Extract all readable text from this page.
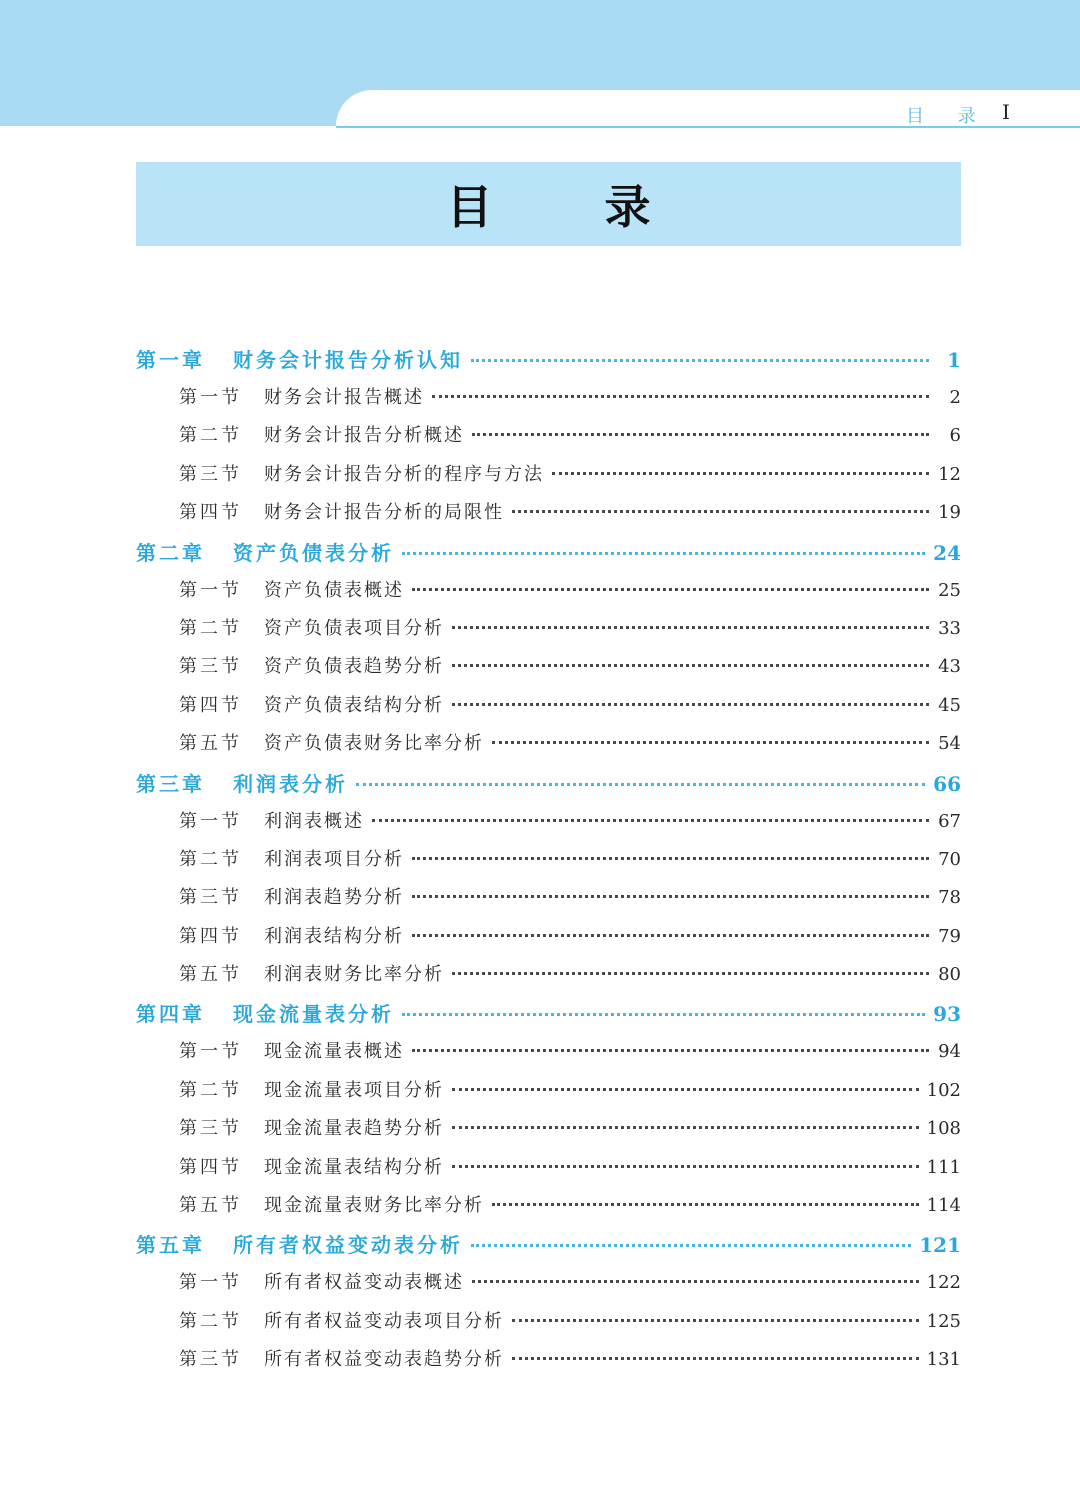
目 录 I
目 录
第一章	财务会计报告分析认知	1
第一节	财务会计报告概述	2
第二节	财务会计报告分析概述	6
第三节	财务会计报告分析的程序与方法	12
第四节	财务会计报告分析的局限性	19
第二章	资产负债表分析	24
第一节	资产负债表概述	25
第二节	资产负债表项目分析	33
第三节	资产负债表趋势分析	43
第四节	资产负债表结构分析	45
第五节	资产负债表财务比率分析	54
第三章	利润表分析	66
第一节	利润表概述	67
第二节	利润表项目分析	70
第三节	利润表趋势分析	78
第四节	利润表结构分析	79
第五节	利润表财务比率分析	80
第四章	现金流量表分析	93
第一节	现金流量表概述	94
第二节	现金流量表项目分析	102
第三节	现金流量表趋势分析	108
第四节	现金流量表结构分析	111
第五节	现金流量表财务比率分析	114
第五章	所有者权益变动表分析	121
第一节	所有者权益变动表概述	122
第二节	所有者权益变动表项目分析	125
第三节	所有者权益变动表趋势分析	131
